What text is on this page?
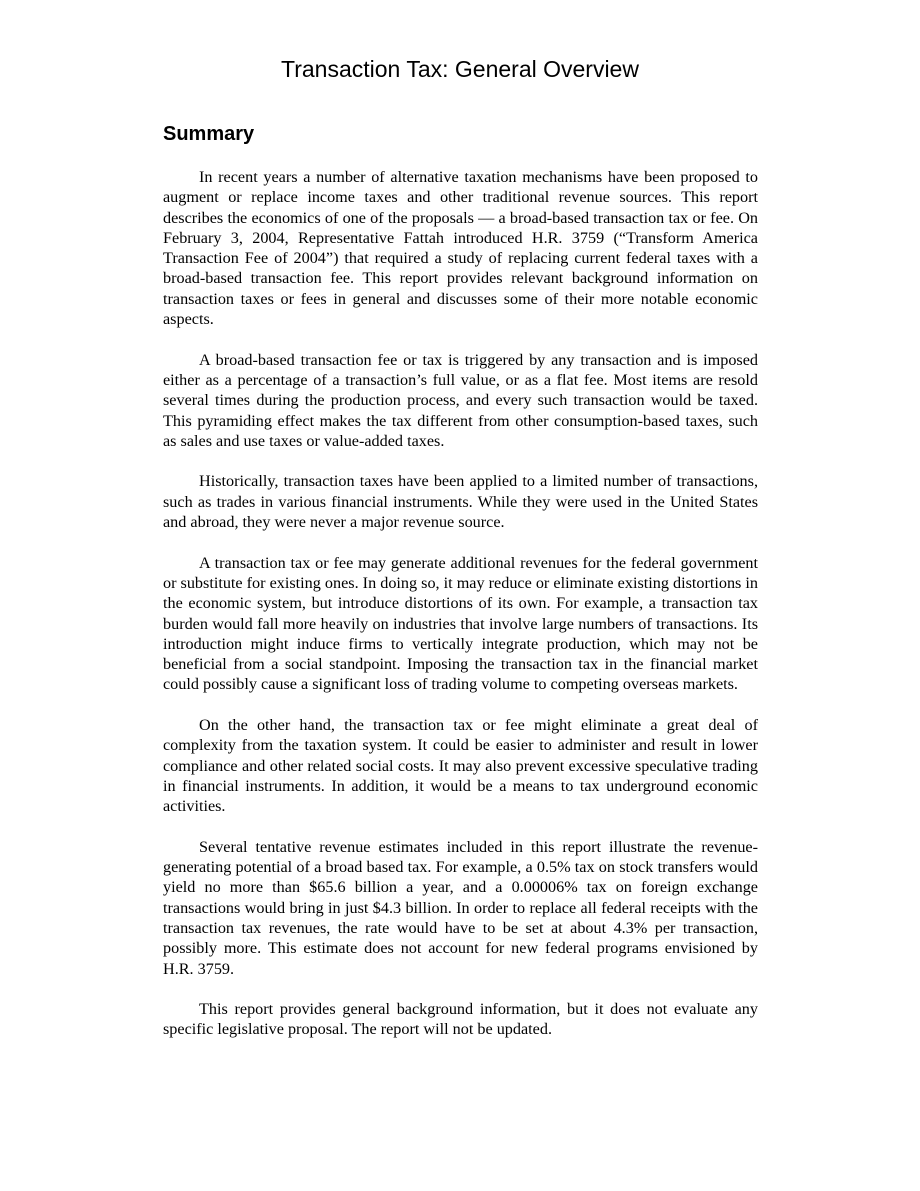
Transaction Tax: General Overview
Summary

In recent years a number of alternative taxation mechanisms have been proposed to augment or replace income taxes and other traditional revenue sources. This report describes the economics of one of the proposals — a broad-based transaction tax or fee. On February 3, 2004, Representative Fattah introduced H.R. 3759 (“Transform America Transaction Fee of 2004”) that required a study of replacing current federal taxes with a broad-based transaction fee. This report provides relevant background information on transaction taxes or fees in general and discusses some of their more notable economic aspects.

A broad-based transaction fee or tax is triggered by any transaction and is imposed either as a percentage of a transaction’s full value, or as a flat fee. Most items are resold several times during the production process, and every such transaction would be taxed. This pyramiding effect makes the tax different from other consumption-based taxes, such as sales and use taxes or value-added taxes.

Historically, transaction taxes have been applied to a limited number of transactions, such as trades in various financial instruments. While they were used in the United States and abroad, they were never a major revenue source.

A transaction tax or fee may generate additional revenues for the federal government or substitute for existing ones. In doing so, it may reduce or eliminate existing distortions in the economic system, but introduce distortions of its own. For example, a transaction tax burden would fall more heavily on industries that involve large numbers of transactions. Its introduction might induce firms to vertically integrate production, which may not be beneficial from a social standpoint. Imposing the transaction tax in the financial market could possibly cause a significant loss of trading volume to competing overseas markets.

On the other hand, the transaction tax or fee might eliminate a great deal of complexity from the taxation system. It could be easier to administer and result in lower compliance and other related social costs. It may also prevent excessive speculative trading in financial instruments. In addition, it would be a means to tax underground economic activities.

Several tentative revenue estimates included in this report illustrate the revenue-generating potential of a broad based tax. For example, a 0.5% tax on stock transfers would yield no more than $65.6 billion a year, and a 0.00006% tax on foreign exchange transactions would bring in just $4.3 billion. In order to replace all federal receipts with the transaction tax revenues, the rate would have to be set at about 4.3% per transaction, possibly more. This estimate does not account for new federal programs envisioned by H.R. 3759.

This report provides general background information, but it does not evaluate any specific legislative proposal. The report will not be updated.
